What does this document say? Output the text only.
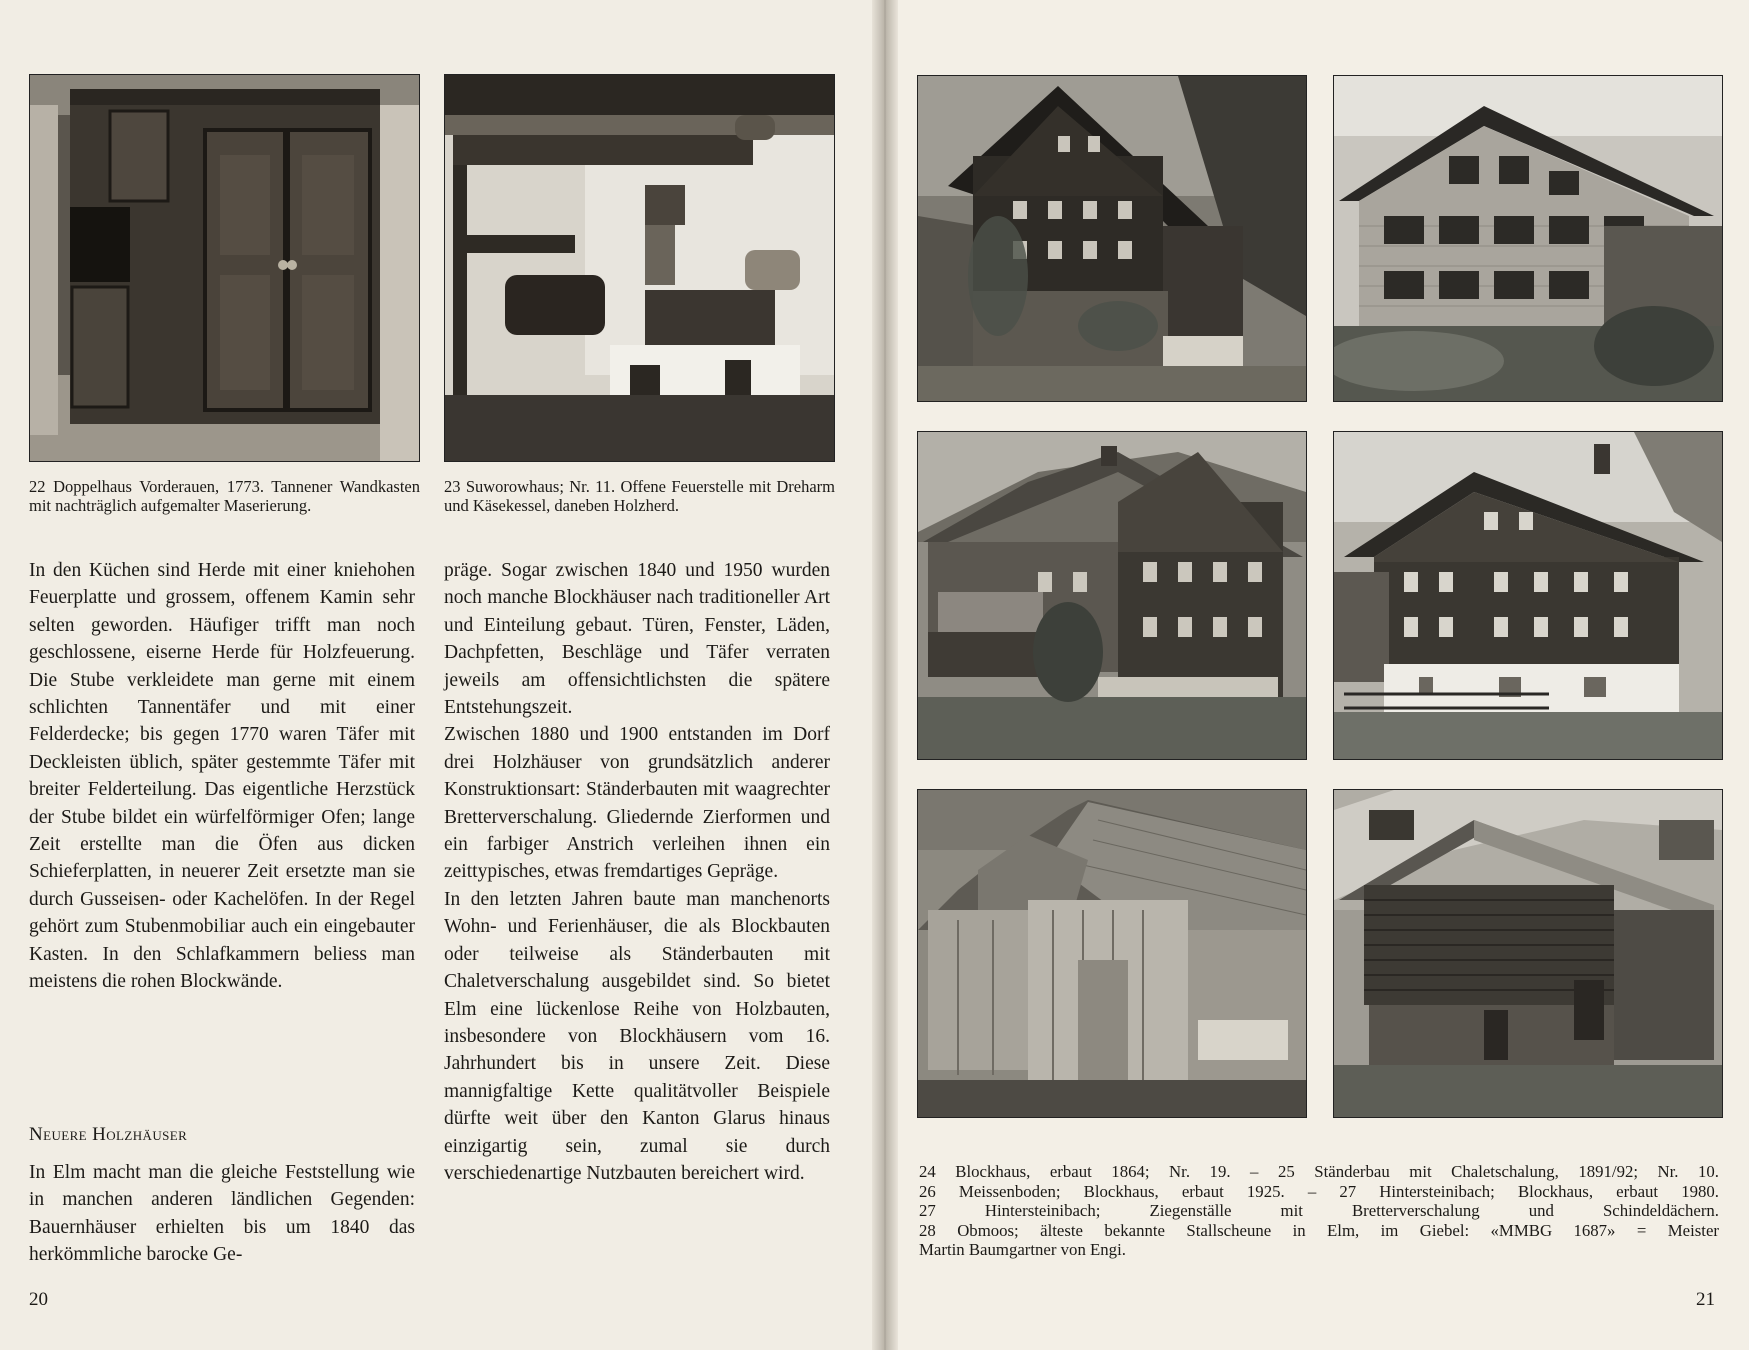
22 Doppelhaus Vorderauen, 1773. Tannener Wandkasten mit nachträglich aufgemalter Maserierung.

23 Suworowhaus; Nr. 11. Offene Feuerstelle mit Dreharm und Käsekessel, daneben Holzherd.

In den Küchen sind Herde mit einer kniehohen Feuerplatte und grossem, offenem Kamin sehr selten geworden. Häufiger trifft man noch geschlossene, eiserne Herde für Holzfeuerung. Die Stube verkleidete man gerne mit einem schlichten Tannentäfer und mit einer Felderdecke; bis gegen 1770 waren Täfer mit Deckleisten üblich, später gestemmte Täfer mit breiter Felderteilung. Das eigentliche Herzstück der Stube bildet ein würfelförmiger Ofen; lange Zeit erstellte man die Öfen aus dicken Schieferplatten, in neuerer Zeit ersetzte man sie durch Gusseisen- oder Kachelöfen. In der Regel gehört zum Stubenmobiliar auch ein eingebauter Kasten. In den Schlafkammern beliess man meistens die rohen Blockwände.

Neuere Holzhäuser

In Elm macht man die gleiche Feststellung wie in manchen anderen ländlichen Gegenden: Bauernhäuser erhielten bis um 1840 das herkömmliche barocke Ge-

präge. Sogar zwischen 1840 und 1950 wurden noch manche Blockhäuser nach traditioneller Art und Einteilung gebaut. Türen, Fenster, Läden, Dachpfetten, Beschläge und Täfer verraten jeweils am offensichtlichsten die spätere Entstehungszeit.

Zwischen 1880 und 1900 entstanden im Dorf drei Holzhäuser von grundsätzlich anderer Konstruktionsart: Ständerbauten mit waagrechter Bretterverschalung. Gliedernde Zierformen und ein farbiger Anstrich verleihen ihnen ein zeittypisches, etwas fremdartiges Gepräge.

In den letzten Jahren baute man manchenorts Wohn- und Ferienhäuser, die als Blockbauten oder teilweise als Ständerbauten mit Chaletverschalung ausgebildet sind. So bietet Elm eine lückenlose Reihe von Holzbauten, insbesondere von Blockhäusern vom 16. Jahrhundert bis in unsere Zeit. Diese mannigfaltige Kette qualitätvoller Beispiele dürfte weit über den Kanton Glarus hinaus einzigartig sein, zumal sie durch verschiedenartige Nutzbauten bereichert wird.

20

24 Blockhaus, erbaut 1864; Nr. 19. – 25 Ständerbau mit Chaletschalung, 1891/92; Nr. 10.
26 Meissenboden; Blockhaus, erbaut 1925. – 27 Hintersteinibach; Blockhaus, erbaut 1980.
27 Hintersteinibach; Ziegenställe mit Bretterverschalung und Schindeldächern.
28 Obmoos; älteste bekannte Stallscheune in Elm, im Giebel: «MMBG 1687» = Meister
Martin Baumgartner von Engi.

21
